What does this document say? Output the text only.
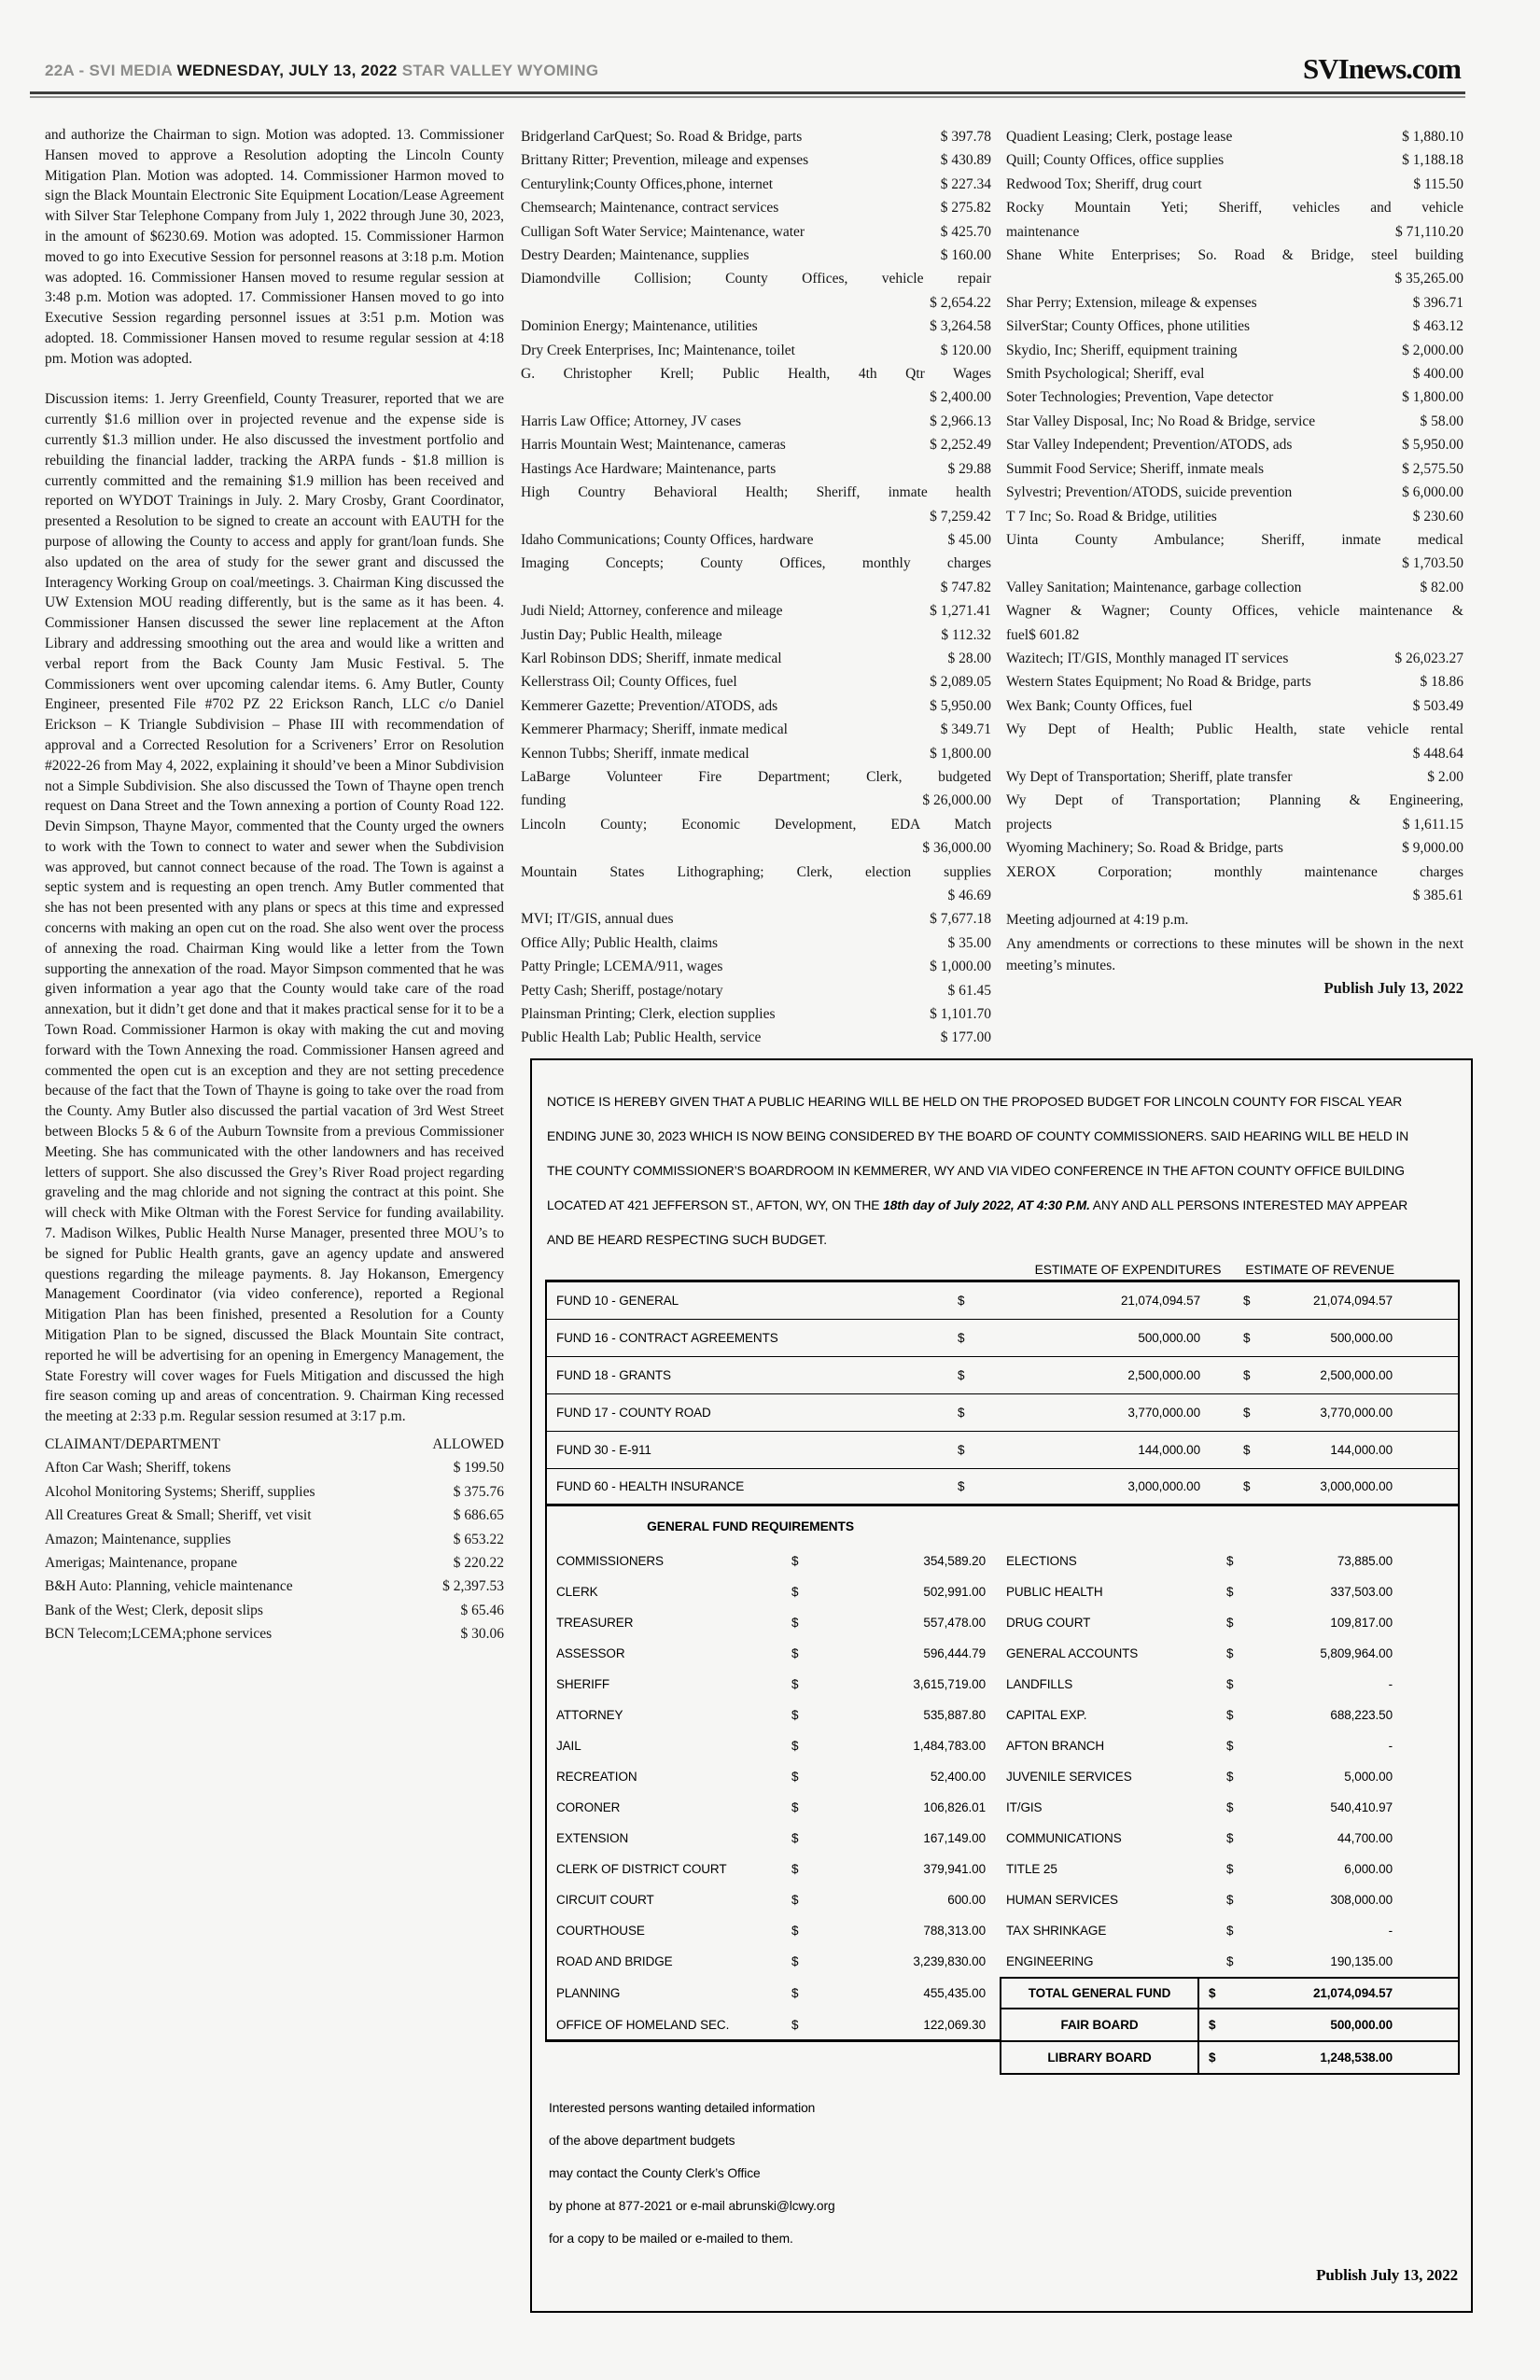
22A - SVI MEDIA WEDNESDAY, JULY 13, 2022 STAR VALLEY WYOMING	SVInews.com
and authorize the Chairman to sign. Motion was adopted. 13. Commissioner Hansen moved to approve a Resolution adopting the Lincoln County Mitigation Plan. Motion was adopted. 14. Commissioner Harmon moved to sign the Black Mountain Electronic Site Equipment Location/Lease Agreement with Silver Star Telephone Company from July 1, 2022 through June 30, 2023, in the amount of $6230.69. Motion was adopted. 15. Commissioner Harmon moved to go into Executive Session for personnel reasons at 3:18 p.m. Motion was adopted. 16. Commissioner Hansen moved to resume regular session at 3:48 p.m. Motion was adopted. 17. Commissioner Hansen moved to go into Executive Session regarding personnel issues at 3:51 p.m. Motion was adopted. 18. Commissioner Hansen moved to resume regular session at 4:18 pm. Motion was adopted.
Discussion items: 1. Jerry Greenfield, County Treasurer, reported that we are currently $1.6 million over in projected revenue and the expense side is currently $1.3 million under. He also discussed the investment portfolio and rebuilding the financial ladder, tracking the ARPA funds - $1.8 million is currently committed and the remaining $1.9 million has been received and reported on WYDOT Trainings in July. 2. Mary Crosby, Grant Coordinator, presented a Resolution to be signed to create an account with EAUTH for the purpose of allowing the County to access and apply for grant/loan funds. She also updated on the area of study for the sewer grant and discussed the Interagency Working Group on coal/meetings. 3. Chairman King discussed the UW Extension MOU reading differently, but is the same as it has been. 4. Commissioner Hansen discussed the sewer line replacement at the Afton Library and addressing smoothing out the area and would like a written and verbal report from the Back County Jam Music Festival. 5. The Commissioners went over upcoming calendar items. 6. Amy Butler, County Engineer, presented File #702 PZ 22 Erickson Ranch, LLC c/o Daniel Erickson – K Triangle Subdivision – Phase III with recommendation of approval and a Corrected Resolution for a Scriveners’ Error on Resolution #2022-26 from May 4, 2022, explaining it should’ve been a Minor Subdivision not a Simple Subdivision. She also discussed the Town of Thayne open trench request on Dana Street and the Town annexing a portion of County Road 122. Devin Simpson, Thayne Mayor, commented that the County urged the owners to work with the Town to connect to water and sewer when the Subdivision was approved, but cannot connect because of the road. The Town is against a septic system and is requesting an open trench. Amy Butler commented that she has not been presented with any plans or specs at this time and expressed concerns with making an open cut on the road. She also went over the process of annexing the road. Chairman King would like a letter from the Town supporting the annexation of the road. Mayor Simpson commented that he was given information a year ago that the County would take care of the road annexation, but it didn’t get done and that it makes practical sense for it to be a Town Road. Commissioner Harmon is okay with making the cut and moving forward with the Town Annexing the road. Commissioner Hansen agreed and commented the open cut is an exception and they are not setting precedence because of the fact that the Town of Thayne is going to take over the road from the County. Amy Butler also discussed the partial vacation of 3rd West Street between Blocks 5 & 6 of the Auburn Townsite from a previous Commissioner Meeting. She has communicated with the other landowners and has received letters of support. She also discussed the Grey’s River Road project regarding graveling and the mag chloride and not signing the contract at this point. She will check with Mike Oltman with the Forest Service for funding availability. 7. Madison Wilkes, Public Health Nurse Manager, presented three MOU’s to be signed for Public Health grants, gave an agency update and answered questions regarding the mileage payments. 8. Jay Hokanson, Emergency Management Coordinator (via video conference), reported a Regional Mitigation Plan has been finished, presented a Resolution for a County Mitigation Plan to be signed, discussed the Black Mountain Site contract, reported he will be advertising for an opening in Emergency Management, the State Forestry will cover wages for Fuels Mitigation and discussed the high fire season coming up and areas of concentration. 9. Chairman King recessed the meeting at 2:33 p.m. Regular session resumed at 3:17 p.m.
CLAIMANT/DEPARTMENT	ALLOWED
Afton Car Wash; Sheriff, tokens	$ 199.50
Alcohol Monitoring Systems; Sheriff, supplies	$ 375.76
All Creatures Great & Small; Sheriff, vet visit	$ 686.65
Amazon; Maintenance, supplies	$ 653.22
Amerigas; Maintenance, propane	$ 220.22
B&H Auto: Planning, vehicle maintenance	$ 2,397.53
Bank of the West; Clerk, deposit slips	$ 65.46
BCN Telecom;LCEMA;phone services	$ 30.06
Bridgerland CarQuest; So. Road & Bridge, parts	$ 397.78
Brittany Ritter; Prevention, mileage and expenses	$ 430.89
Centurylink;County Offices,phone, internet	$ 227.34
Chemsearch; Maintenance, contract services	$ 275.82
Culligan Soft Water Service; Maintenance, water	$ 425.70
Destry Dearden; Maintenance, supplies	$ 160.00
Diamondville Collision; County Offices, vehicle repair
$ 2,654.22
Dominion Energy; Maintenance, utilities	$ 3,264.58
Dry Creek Enterprises, Inc; Maintenance, toilet	$ 120.00
G. Christopher Krell; Public Health, 4th Qtr Wages
$ 2,400.00
Harris Law Office; Attorney, JV cases	$ 2,966.13
Harris Mountain West; Maintenance, cameras	$ 2,252.49
Hastings Ace Hardware; Maintenance, parts	$ 29.88
High Country Behavioral Health; Sheriff, inmate health
$ 7,259.42
Idaho Communications; County Offices, hardware	$ 45.00
Imaging Concepts; County Offices, monthly charges
$ 747.82
Judi Nield; Attorney, conference and mileage	$ 1,271.41
Justin Day; Public Health, mileage	$ 112.32
Karl Robinson DDS; Sheriff, inmate medical	$ 28.00
Kellerstrass Oil; County Offices, fuel	$ 2,089.05
Kemmerer Gazette; Prevention/ATODS, ads	$ 5,950.00
Kemmerer Pharmacy; Sheriff, inmate medical	$ 349.71
Kennon Tubbs; Sheriff, inmate medical	$ 1,800.00
LaBarge Volunteer Fire Department; Clerk, budgeted
funding	$ 26,000.00
Lincoln County; Economic Development, EDA Match
$ 36,000.00
Mountain States Lithographing; Clerk, election supplies
$ 46.69
MVI; IT/GIS, annual dues	$ 7,677.18
Office Ally; Public Health, claims	$ 35.00
Patty Pringle; LCEMA/911, wages	$ 1,000.00
Petty Cash; Sheriff, postage/notary	$ 61.45
Plainsman Printing; Clerk, election supplies	$ 1,101.70
Public Health Lab; Public Health, service	$ 177.00
Quadient Leasing; Clerk, postage lease	$ 1,880.10
Quill; County Offices, office supplies	$ 1,188.18
Redwood Tox; Sheriff, drug court	$ 115.50
Rocky Mountain Yeti; Sheriff, vehicles and vehicle
maintenance	$ 71,110.20
Shane White Enterprises; So. Road & Bridge, steel building
$ 35,265.00
Shar Perry; Extension, mileage & expenses	$ 396.71
SilverStar; County Offices, phone utilities	$ 463.12
Skydio, Inc; Sheriff, equipment training	$ 2,000.00
Smith Psychological; Sheriff, eval	$ 400.00
Soter Technologies; Prevention, Vape detector	$ 1,800.00
Star Valley Disposal, Inc; No Road & Bridge, service	$ 58.00
Star Valley Independent; Prevention/ATODS, ads	$ 5,950.00
Summit Food Service; Sheriff, inmate meals	$ 2,575.50
Sylvestri; Prevention/ATODS, suicide prevention	$ 6,000.00
T 7 Inc; So. Road & Bridge, utilities	$ 230.60
Uinta County Ambulance; Sheriff, inmate medical
$ 1,703.50
Valley Sanitation; Maintenance, garbage collection	$ 82.00
Wagner & Wagner; County Offices, vehicle maintenance &
fuel$ 601.82
Wazitech; IT/GIS, Monthly managed IT services	$ 26,023.27
Western States Equipment; No Road & Bridge, parts	$ 18.86
Wex Bank; County Offices, fuel	$ 503.49
Wy Dept of Health; Public Health, state vehicle rental
$ 448.64
Wy Dept of Transportation; Sheriff, plate transfer	$ 2.00
Wy Dept of Transportation; Planning & Engineering,
projects	$ 1,611.15
Wyoming Machinery; So. Road & Bridge, parts	$ 9,000.00
XEROX Corporation; monthly maintenance charges
$ 385.61
Meeting adjourned at 4:19 p.m.
Any amendments or corrections to these minutes will be shown in the next meeting’s minutes.
Publish July 13, 2022
NOTICE IS HEREBY GIVEN THAT A PUBLIC HEARING WILL BE HELD ON THE PROPOSED BUDGET FOR LINCOLN COUNTY FOR FISCAL YEAR ENDING JUNE 30, 2023 WHICH IS NOW BEING CONSIDERED BY THE BOARD OF COUNTY COMMISSIONERS. SAID HEARING WILL BE HELD IN THE COUNTY COMMISSIONER’S BOARDROOM IN KEMMERER, WY AND VIA VIDEO CONFERENCE IN THE AFTON COUNTY OFFICE BUILDING LOCATED AT 421 JEFFERSON ST., AFTON, WY, ON THE 18th day of July 2022, AT 4:30 P.M. ANY AND ALL PERSONS INTERESTED MAY APPEAR AND BE HEARD RESPECTING SUCH BUDGET.
ESTIMATE OF EXPENDITURES ESTIMATE OF REVENUE
FUND 10 - GENERAL	$	21,074,094.57	$	21,074,094.57
FUND 16 - CONTRACT AGREEMENTS	$	500,000.00	$	500,000.00
FUND 18 - GRANTS	$	2,500,000.00	$	2,500,000.00
FUND 17 - COUNTY ROAD	$	3,770,000.00	$	3,770,000.00
FUND 30 - E-911	$	144,000.00	$	144,000.00
FUND 60 - HEALTH INSURANCE	$	3,000,000.00	$	3,000,000.00
GENERAL FUND REQUIREMENTS
COMMISSIONERS	$	354,589.20 ELECTIONS	$	73,885.00
CLERK	$	502,991.00 PUBLIC HEALTH	$	337,503.00
TREASURER	$	557,478.00 DRUG COURT	$	109,817.00
ASSESSOR	$	596,444.79 GENERAL ACCOUNTS	$	5,809,964.00
SHERIFF	$	3,615,719.00 LANDFILLS	$	-
ATTORNEY	$	535,887.80 CAPITAL EXP.	$	688,223.50
JAIL	$	1,484,783.00 AFTON BRANCH	$	-
RECREATION	$	52,400.00 JUVENILE SERVICES	$	5,000.00
CORONER	$	106,826.01 IT/GIS	$	540,410.97
EXTENSION	$	167,149.00 COMMUNICATIONS	$	44,700.00
CLERK OF DISTRICT COURT	$	379,941.00 TITLE 25	$	6,000.00
CIRCUIT COURT	$	600.00 HUMAN SERVICES	$	308,000.00
COURTHOUSE	$	788,313.00 TAX SHRINKAGE	$	-
ROAD AND BRIDGE	$	3,239,830.00 ENGINEERING	$	190,135.00
PLANNING	$	455,435.00	TOTAL GENERAL FUND	$	21,074,094.57
OFFICE OF HOMELAND SEC.	$	122,069.30	FAIR BOARD	$	500,000.00
LIBRARY BOARD	$	1,248,538.00
Interested persons wanting detailed information
of the above department budgets
may contact the County Clerk’s Office
by phone at 877-2021 or e-mail abrunski@lcwy.org
for a copy to be mailed or e-mailed to them.
Publish July 13, 2022
